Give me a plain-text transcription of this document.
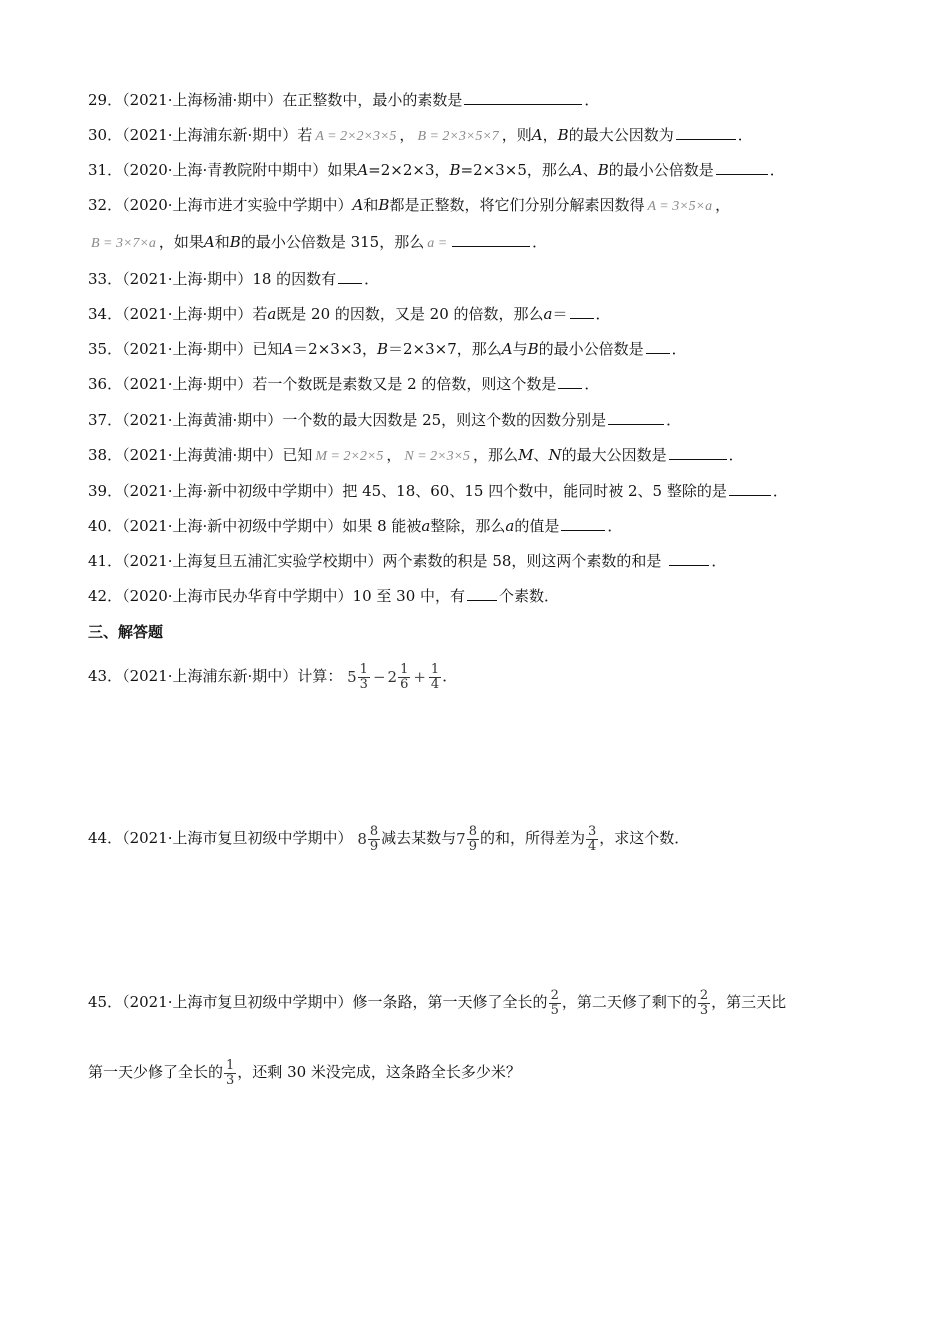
29．（2021·上海杨浦·期中）在正整数中，最小的素数是	．
30．（2021·上海浦东新·期中）若 A = 2×2×3×5 ， B = 2×3×5×7 ，则A，B的最大公因数为	．
31．（2020·上海·青教院附中期中）如果A=2×2×3，B=2×3×5，那么A、B的最小公倍数是	．
32．（2020·上海市进才实验中学期中）A和B都是正整数，将它们分别分解素因数得 A = 3×5×a ，
B = 3×7×a ，如果A和B的最小公倍数是 315，那么 a =	．
33．（2021·上海·期中）18 的因数有 ．
34．（2021·上海·期中）若a既是 20 的因数，又是 20 的倍数，那么a＝ ．
35．（2021·上海·期中）已知A＝2×3×3，B＝2×3×7，那么A与B的最小公倍数是 ．
36．（2021·上海·期中）若一个数既是素数又是 2 的倍数，则这个数是 ．
37．（2021·上海黄浦·期中）一个数的最大因数是 25，则这个数的因数分别是	．
38．（2021·上海黄浦·期中）已知 M = 2×2×5 ， N = 2×3×5 ，那么M、N的最大公因数是	．
39．（2021·上海·新中初级中学期中）把 45、18、60、15 四个数中，能同时被 2、5 整除的是	．
40．（2021·上海·新中初级中学期中）如果 8 能被a整除，那么a的值是	．
41．（2021·上海复旦五浦汇实验学校期中）两个素数的积是 58，则这两个素数的和是	．
42．（2020·上海市民办华育中学期中）10 至 30 中，有 个素数．
三、解答题
43．（2021·上海浦东新·期中）计算： $5 \frac{1}{3} - 2 \frac{1}{6} + \frac{1}{4}$ ．
44．（2021·上海市复旦初级中学期中） $8 \frac{8}{9}$ 减去某数与$7 \frac{8}{9}$ 的和，所得差为 $\frac{3}{4}$ ，求这个数．
45．（2021·上海市复旦初级中学期中）修一条路，第一天修了全长的 $\frac{2}{5}$ ，第二天修了剩下的 $\frac{2}{3}$ ，第三天比
第一天少修了全长的 $\frac{1}{3}$ ，还剩 30 米没完成，这条路全长多少米？
